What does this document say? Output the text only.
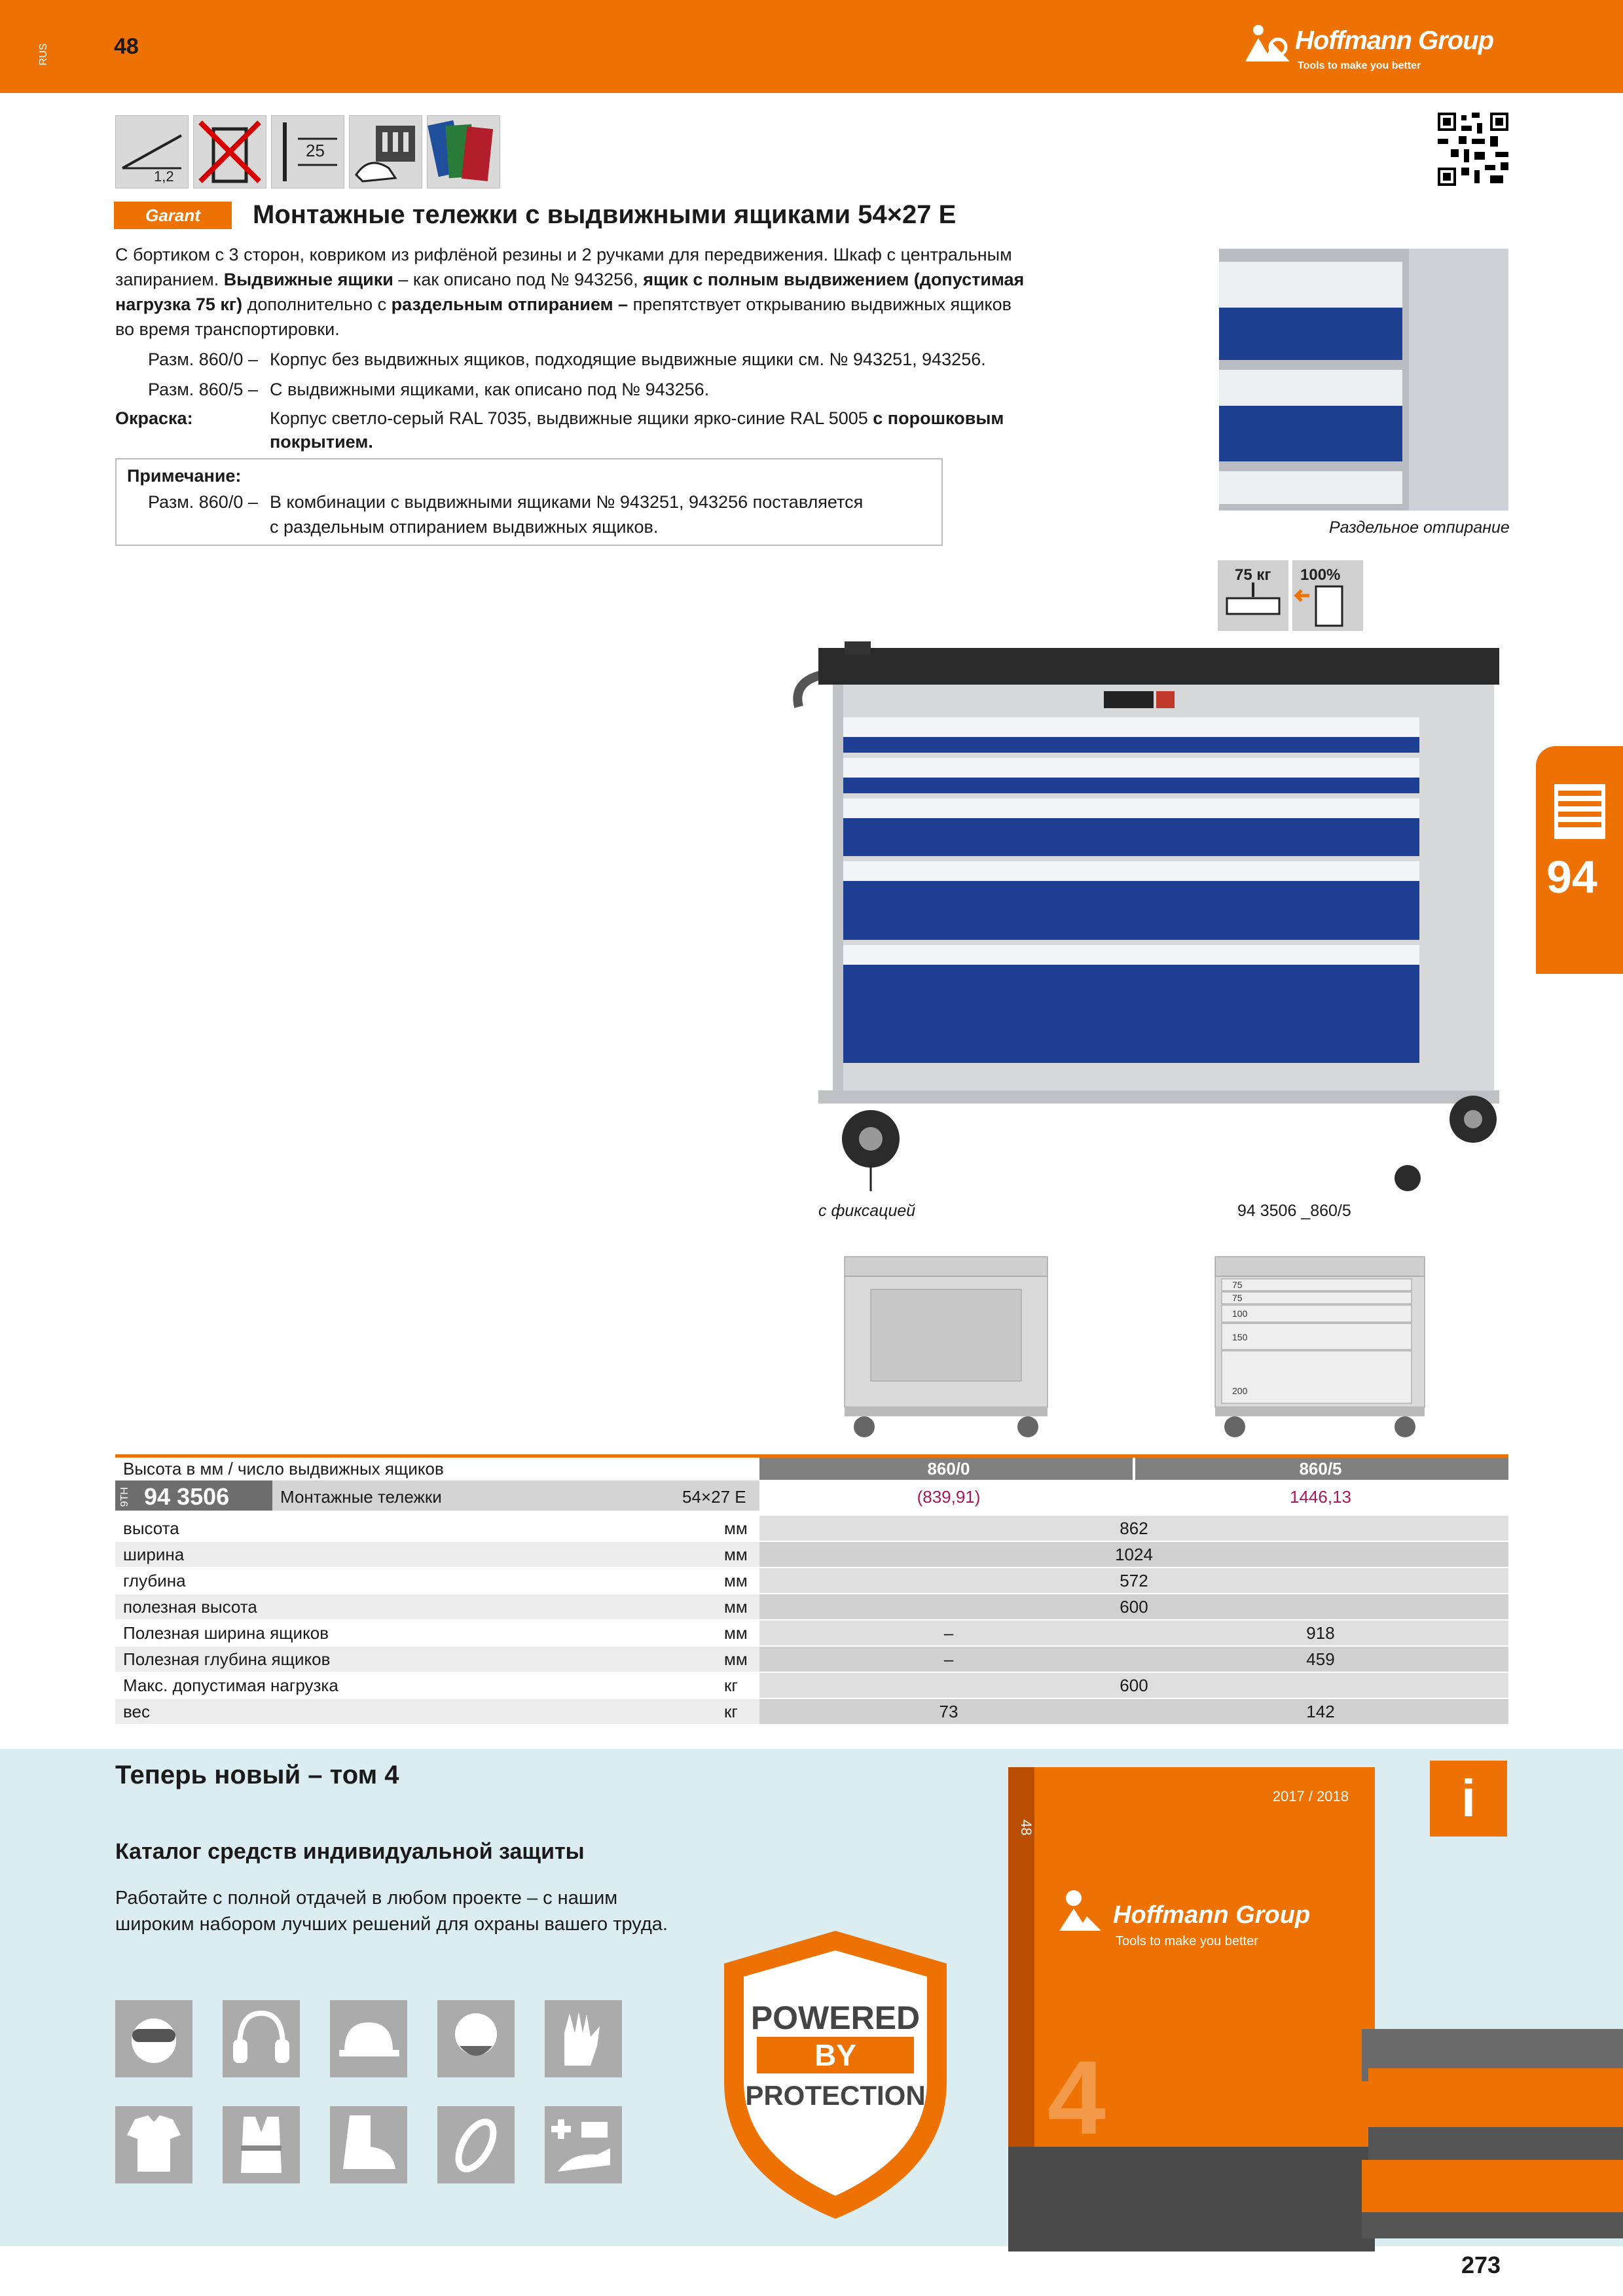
RUS	48	Hoffmann Group
Tools to make you better
1,2
25
Garant	Монтажные тележки с выдвижными ящиками 54×27 E
С бортиком с 3 сторон, ковриком из рифлёной резины и 2 ручками для передвижения. Шкаф с центральным
запиранием. Выдвижные ящики – как описано под № 943256, ящик с полным выдвижением (допустимая
нагрузка 75 кг) дополнительно с раздельным отпиранием – препятствует открыванию выдвижных ящиков
во время транспортировки.
Разм. 860/0 – Корпус без выдвижных ящиков, подходящие выдвижные ящики см. № 943251, 943256.
Разм. 860/5 – С выдвижными ящиками, как описано под № 943256.
Окраска:	Корпус светло-серый RAL 7035, выдвижные ящики ярко-синие RAL 5005 с порошковым
покрытием.
Примечание:
Разм. 860/0 – В комбинации с выдвижными ящиками № 943251, 943256 поставляется
с раздельным отпиранием выдвижных ящиков.	Раздельное отпирание
75 кг 100%
с фиксацией	94 3506 _860/5
75
75
100
150
200
94
Высота в мм / число выдвижных ящиков	860/0	860/5
9TH 94 3506	Монтажные тележки	54×27 E	(839,91)	1446,13
высота	мм	862
ширина	мм	1024
глубина	мм	572
полезная высота	мм	600
Полезная ширина ящиков	мм	–	918
Полезная глубина ящиков	мм	–	459
Макс. допустимая нагрузка	кг	600
вес	кг	73	142
Теперь новый – том 4
Каталог средств индивидуальной защиты
Работайте с полной отдачей в любом проекте – с нашим
широким набором лучших решений для охраны вашего труда.
i
POWERED
BY
PROTECTION
48
2017 / 2018
Hoffmann Group
Tools to make you better
4
273
